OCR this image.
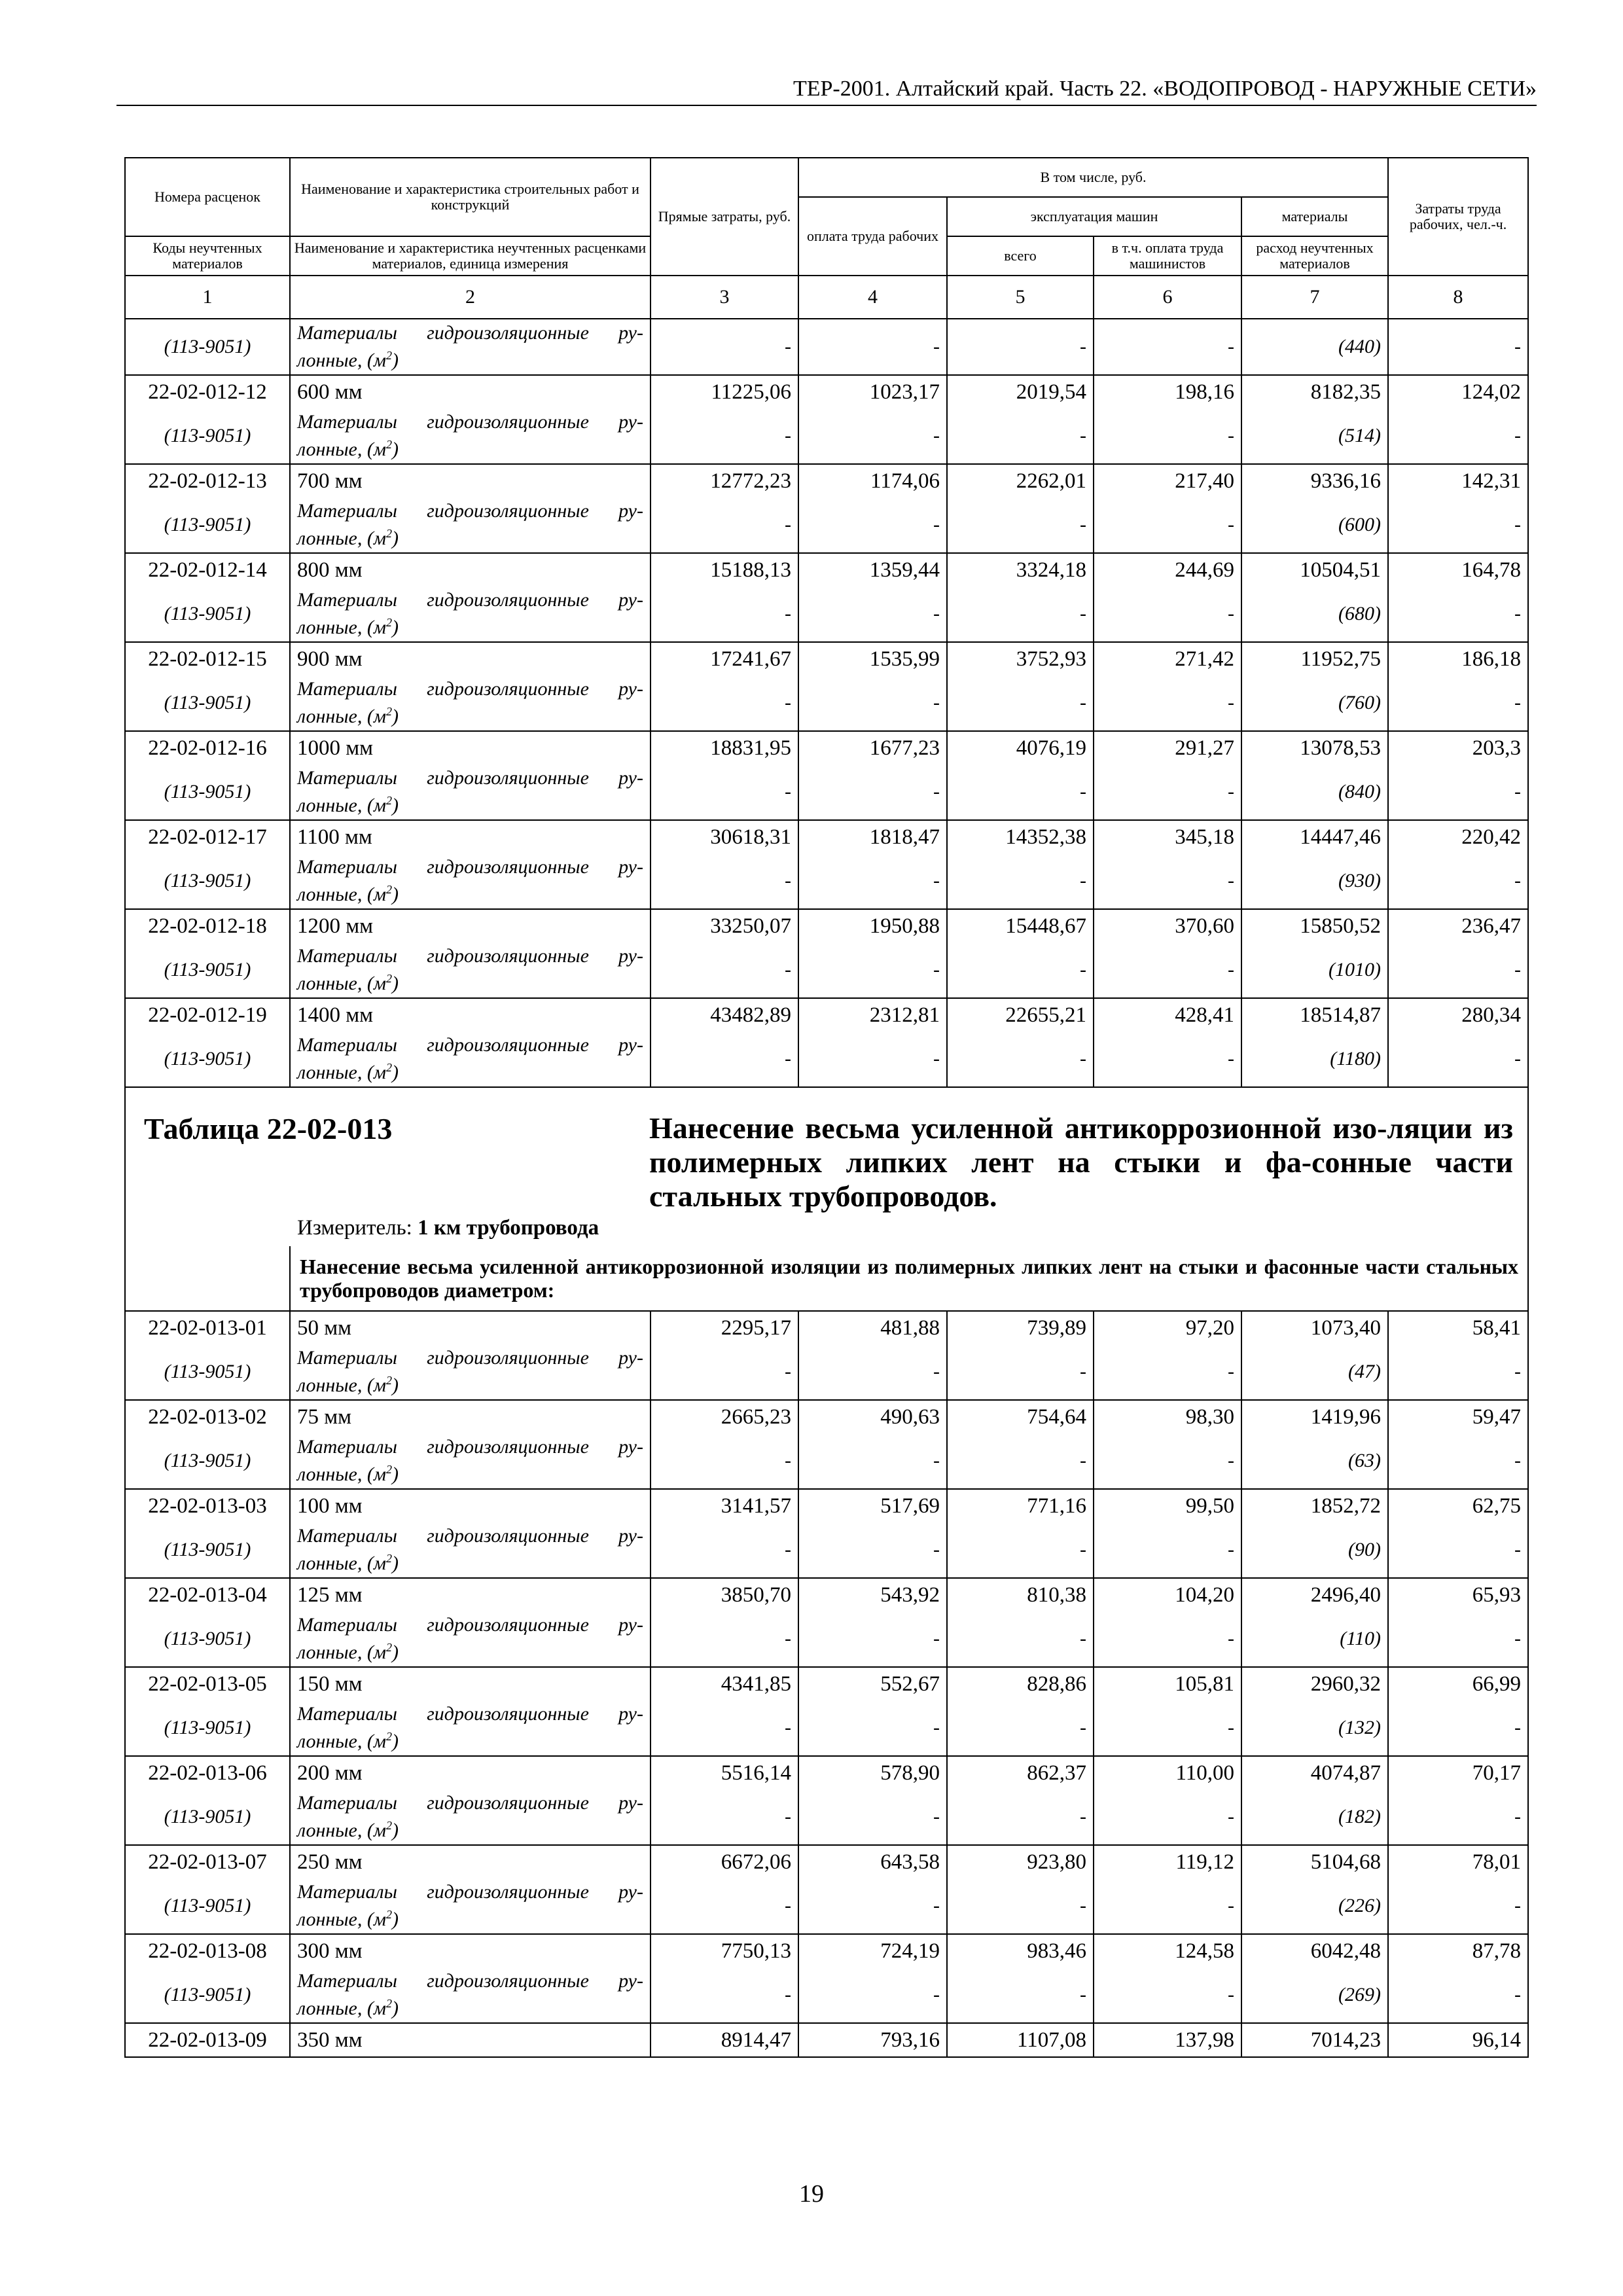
ТЕР-2001. Алтайский край. Часть 22. «ВОДОПРОВОД - НАРУЖНЫЕ СЕТИ»
Номера расценок	Наименование и характеристика строительных работ и конструкций	Прямые затраты, руб.	В том числе, руб.				Затраты труда рабочих, чел.-ч.
			оплата труда рабочих	эксплуатация машин		материалы	
Коды неучтенных материалов	Наименование и характеристика неучтенных расценками материалов, единица измерения			всего	в т.ч. оплата труда машинистов	расход неучтенных материалов	
1	2	3	4	5	6	7	8
(113-9051)	Материалы гидроизоляционные ру-лонные, $(м^2)$	-	-	-	-	(440)	-
22-02-012-12	600 мм	11225,06	1023,17	2019,54	198,16	8182,35	124,02
(113-9051)	Материалы гидроизоляционные ру-лонные, $(м^2)$	-	-	-	-	(514)	-
22-02-012-13	700 мм	12772,23	1174,06	2262,01	217,40	9336,16	142,31
(113-9051)	Материалы гидроизоляционные ру-лонные, $(м^2)$	-	-	-	-	(600)	-
22-02-012-14	800 мм	15188,13	1359,44	3324,18	244,69	10504,51	164,78
(113-9051)	Материалы гидроизоляционные ру-лонные, $(м^2)$	-	-	-	-	(680)	-
22-02-012-15	900 мм	17241,67	1535,99	3752,93	271,42	11952,75	186,18
(113-9051)	Материалы гидроизоляционные ру-лонные, $(м^2)$	-	-	-	-	(760)	-
22-02-012-16	1000 мм	18831,95	1677,23	4076,19	291,27	13078,53	203,3
(113-9051)	Материалы гидроизоляционные ру-лонные, $(м^2)$	-	-	-	-	(840)	-
22-02-012-17	1100 мм	30618,31	1818,47	14352,38	345,18	14447,46	220,42
(113-9051)	Материалы гидроизоляционные ру-лонные, $(м^2)$	-	-	-	-	(930)	-
22-02-012-18	1200 мм	33250,07	1950,88	15448,67	370,60	15850,52	236,47
(113-9051)	Материалы гидроизоляционные ру-лонные, $(м^2)$	-	-	-	-	(1010)	-
22-02-012-19	1400 мм	43482,89	2312,81	22655,21	428,41	18514,87	280,34
(113-9051)	Материалы гидроизоляционные ру-лонные, $(м^2)$	-	-	-	-	(1180)	-

Таблица 22-02-013 Нанесение весьма усиленной антикоррозионной изо-ляции из полимерных липких лент на стыки и фа-сонные части стальных трубопроводов.
Измеритель: 1 км трубопровода							

	Нанесение весьма усиленной антикоррозионной изоляции из полимерных липких лент на стыки и фасонные части стальных трубопроводов диаметром:						
22-02-013-01	50 мм	2295,17	481,88	739,89	97,20	1073,40	58,41
(113-9051)	Материалы гидроизоляционные ру-лонные, $(м^2)$	-	-	-	-	(47)	-
22-02-013-02	75 мм	2665,23	490,63	754,64	98,30	1419,96	59,47
(113-9051)	Материалы гидроизоляционные ру-лонные, $(м^2)$	-	-	-	-	(63)	-
22-02-013-03	100 мм	3141,57	517,69	771,16	99,50	1852,72	62,75
(113-9051)	Материалы гидроизоляционные ру-лонные, $(м^2)$	-	-	-	-	(90)	-
22-02-013-04	125 мм	3850,70	543,92	810,38	104,20	2496,40	65,93
(113-9051)	Материалы гидроизоляционные ру-лонные, $(м^2)$	-	-	-	-	(110)	-
22-02-013-05	150 мм	4341,85	552,67	828,86	105,81	2960,32	66,99
(113-9051)	Материалы гидроизоляционные ру-лонные, $(м^2)$	-	-	-	-	(132)	-
22-02-013-06	200 мм	5516,14	578,90	862,37	110,00	4074,87	70,17
(113-9051)	Материалы гидроизоляционные ру-лонные, $(м^2)$	-	-	-	-	(182)	-
22-02-013-07	250 мм	6672,06	643,58	923,80	119,12	5104,68	78,01
(113-9051)	Материалы гидроизоляционные ру-лонные, $(м^2)$	-	-	-	-	(226)	-
22-02-013-08	300 мм	7750,13	724,19	983,46	124,58	6042,48	87,78
(113-9051)	Материалы гидроизоляционные ру-лонные, $(м^2)$	-	-	-	-	(269)	-
22-02-013-09	350 мм	8914,47	793,16	1107,08	137,98	7014,23	96,14
19
